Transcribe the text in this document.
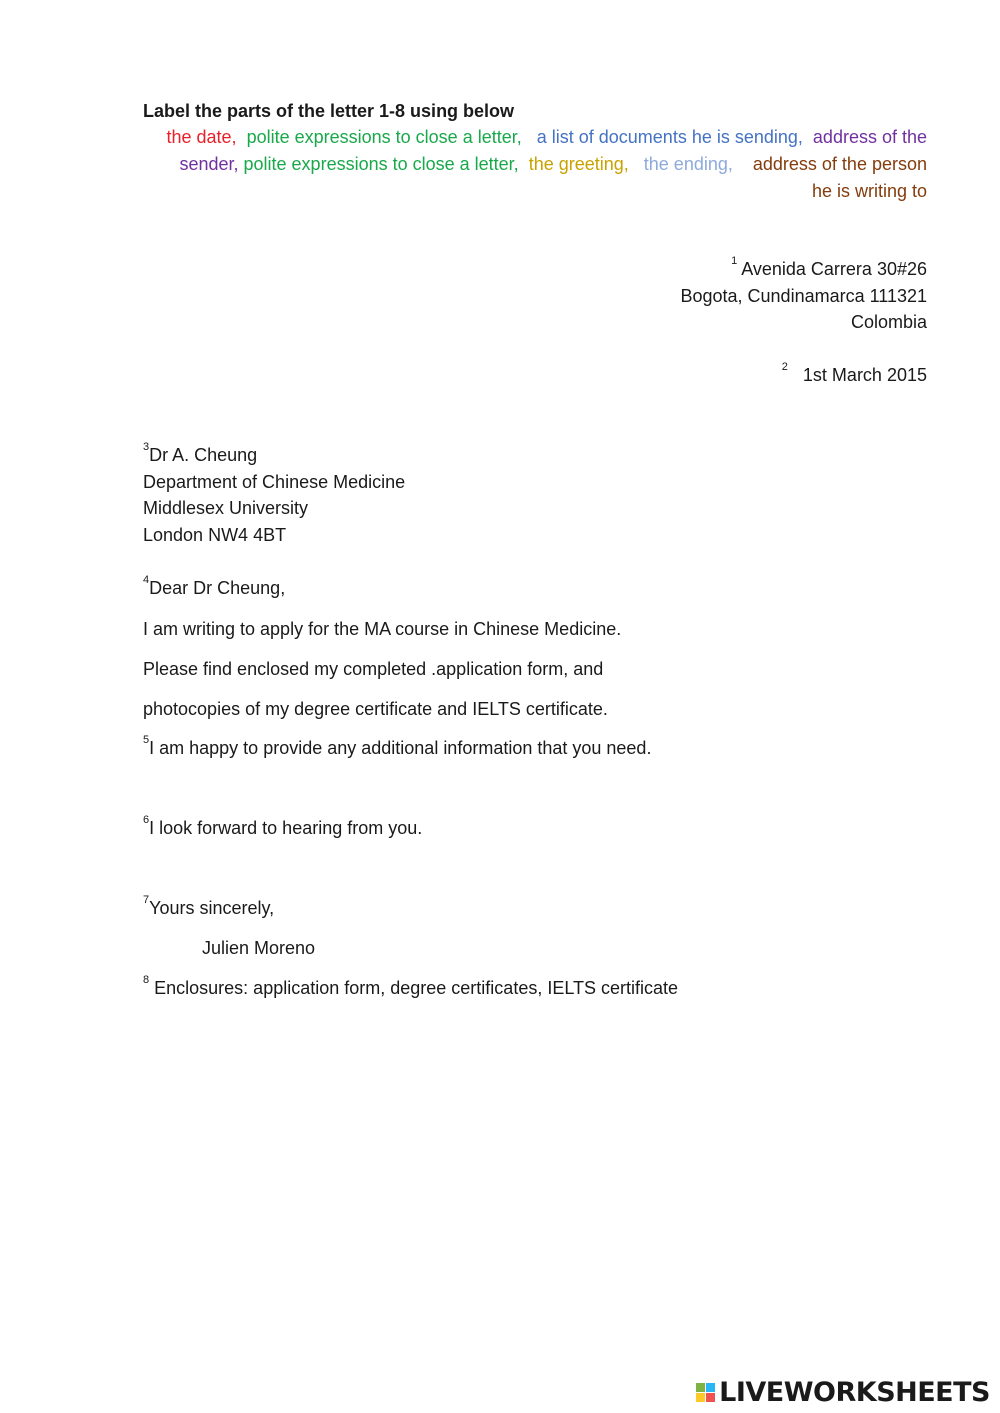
Label the parts of the letter 1-8 using below
the date, polite expressions to close a letter, a list of documents he is sending, address of the
sender, polite expressions to close a letter, the greeting, the ending, address of the person
he is writing to
$^1$ Avenida Carrera 30#26
Bogota, Cundinamarca 111321
Colombia
$^2$ 1st March 2015
$^3$Dr A. Cheung
Department of Chinese Medicine
Middlesex University
London NW4 4BT
$^4$Dear Dr Cheung,
I am writing to apply for the MA course in Chinese Medicine.
Please find enclosed my completed .application form, and
photocopies of my degree certificate and IELTS certificate.
$^5$I am happy to provide any additional information that you need.
$^6$I look forward to hearing from you.
$^7$Yours sincerely,
Julien Moreno
$^8$ Enclosures: application form, degree certificates, IELTS certificate
LIVEWORKSHEETS
